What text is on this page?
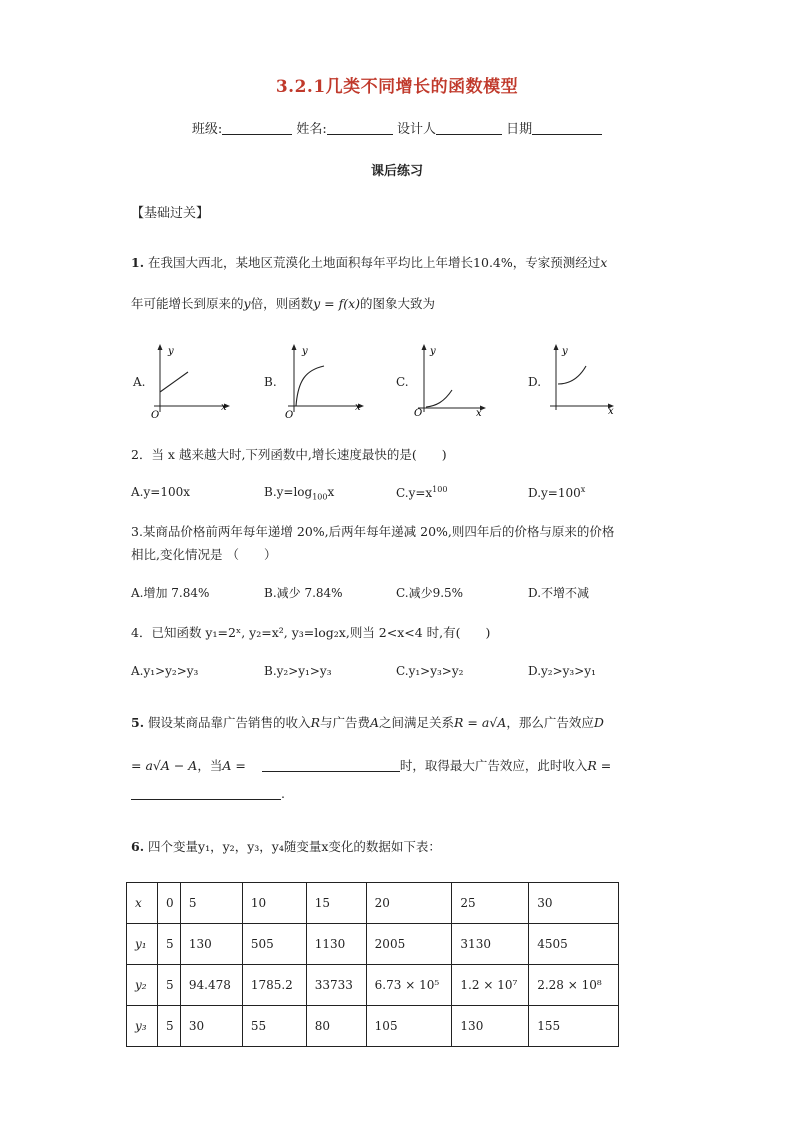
3.2.1几类不同增长的函数模型
班级:	姓名:	设计人	日期
课后练习
【基础过关】
1. 在我国大西北，某地区荒漠化土地面积每年平均比上年增长10.4%，专家预测经过x
年可能增长到原来的y倍，则函数y = f(x)的图象大致为
A.
y
x
O
B.
y
x
O
C.
y
x
O
D.
y
x
2．当 x 越来越大时,下列函数中,增长速度最快的是(　　)
A.y=100x	$B.y=\log_{100}x$	$C.y=x^{100}$	$D.y=100^x$
3.某商品价格前两年每年递增 20%,后两年每年递减 20%,则四年后的价格与原来的价格
相比,变化情况是 （　　）
A.增加 7.84%	B.减少 7.84%	C.减少9.5%	D.不增不减
4．已知函数 y₁=2ˣ, y₂=x², y₃=log₂x,则当 2<x<4 时,有(　　)
A.y₁>y₂>y₃	B.y₂>y₁>y₃	C.y₁>y₃>y₂	D.y₂>y₃>y₁
5. 假设某商品靠广告销售的收入R与广告费A之间满足关系R = a√A，那么广告效应D
= a√A − A，当A =	时，取得最大广告效应，此时收入R =
.
6. 四个变量y₁，y₂，y₃，y₄随变量x变化的数据如下表：
x	0	5	10	15	20	25	30
y₁	5	130	505	1130	2005	3130	4505
y₂	5	94.478	1785.2	33733	6.73 × 10⁵	1.2 × 10⁷	2.28 × 10⁸
y₃	5	30	55	80	105	130	155
